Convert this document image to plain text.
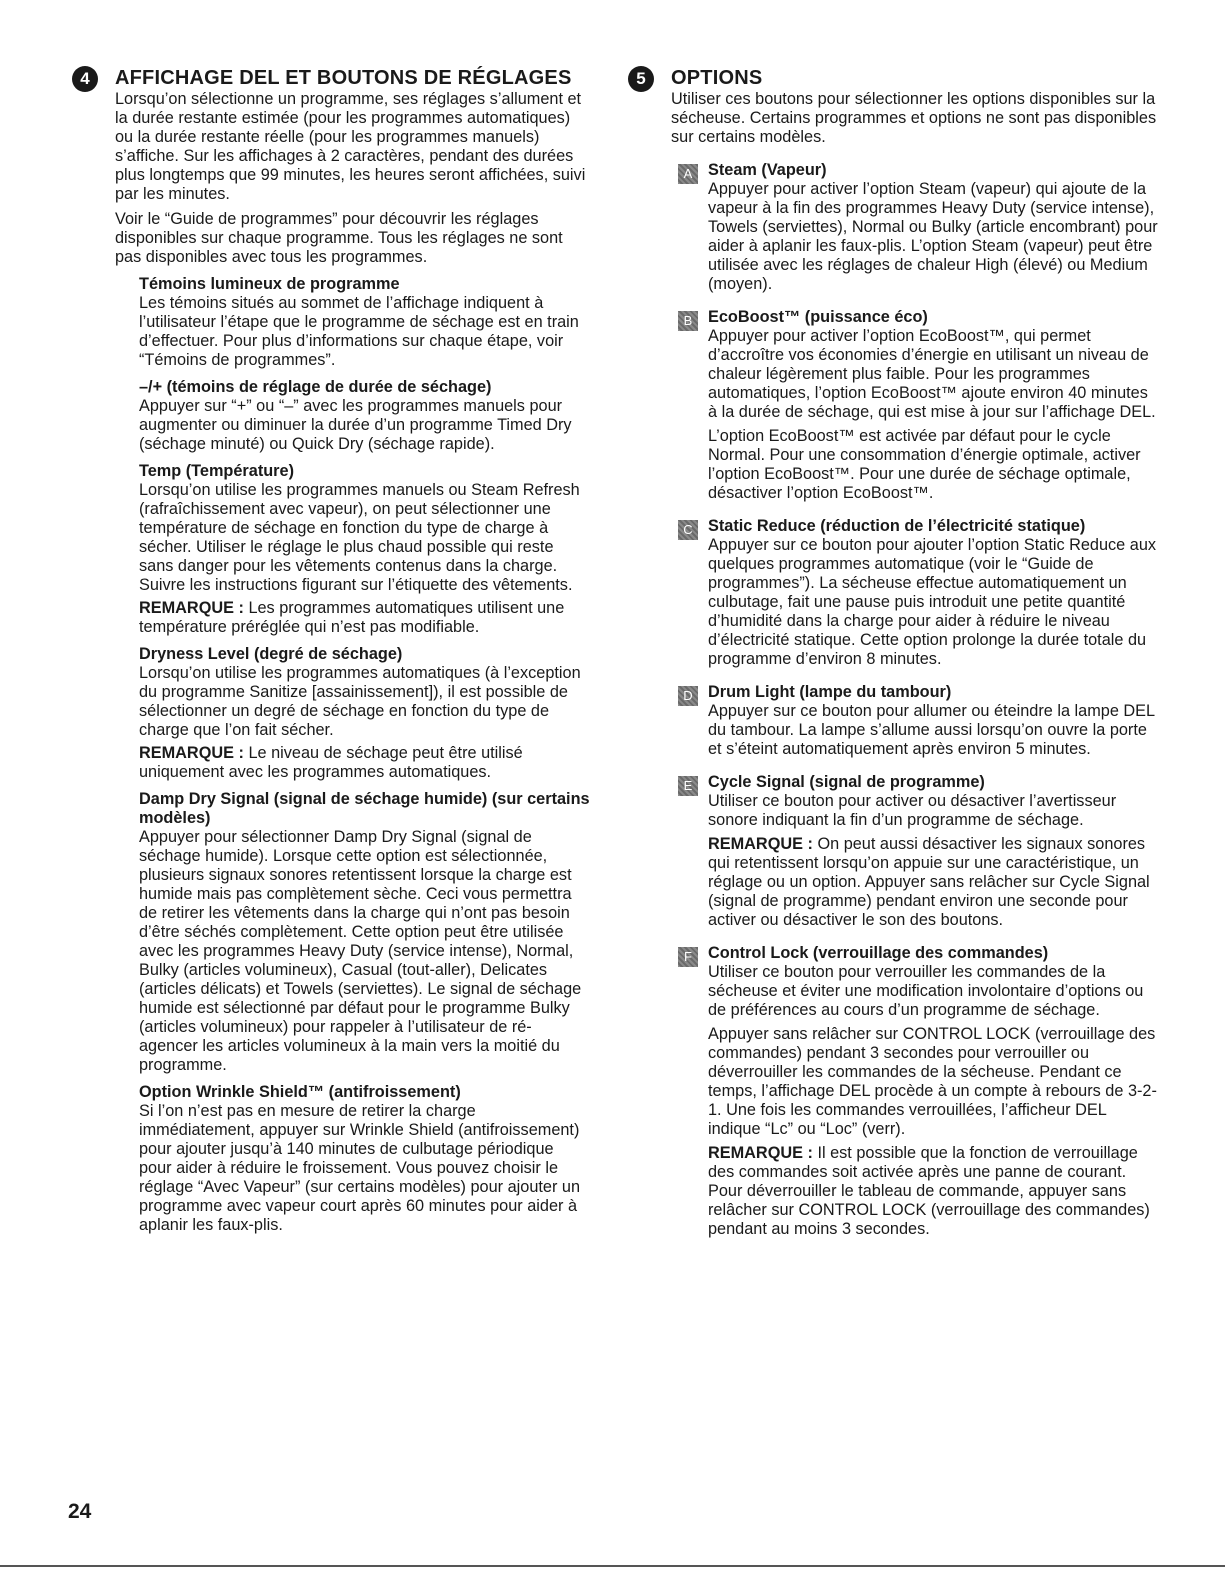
4	AFFICHAGE DEL ET BOUTONS DE RÉGLAGES
Lorsqu’on sélectionne un programme, ses réglages s’allument et la durée restante estimée (pour les programmes automatiques) ou la durée restante réelle (pour les programmes manuels) s’affiche. Sur les affichages à 2 caractères, pendant des durées plus longtemps que 99 minutes, les heures seront affichées, suivi par les minutes.
Voir le “Guide de programmes” pour découvrir les réglages disponibles sur chaque programme. Tous les réglages ne sont pas disponibles avec tous les programmes.
Témoins lumineux de programme
Les témoins situés au sommet de l’affichage indiquent à l’utilisateur l’étape que le programme de séchage est en train d’effectuer. Pour plus d’informations sur chaque étape, voir “Témoins de programmes”.
–/+ (témoins de réglage de durée de séchage)
Appuyer sur “+” ou “–” avec les programmes manuels pour augmenter ou diminuer la durée d’un programme Timed Dry (séchage minuté) ou Quick Dry (séchage rapide).
Temp (Température)
Lorsqu’on utilise les programmes manuels ou Steam Refresh (rafraîchissement avec vapeur), on peut sélectionner une température de séchage en fonction du type de charge à sécher. Utiliser le réglage le plus chaud possible qui reste sans danger pour les vêtements contenus dans la charge. Suivre les instructions figurant sur l’étiquette des vêtements.
REMARQUE : Les programmes automatiques utilisent une température préréglée qui n’est pas modifiable.
Dryness Level (degré de séchage)
Lorsqu’on utilise les programmes automatiques (à l’exception du programme Sanitize [assainissement]), il est possible de sélectionner un degré de séchage en fonction du type de charge que l’on fait sécher.
REMARQUE : Le niveau de séchage peut être utilisé uniquement avec les programmes automatiques.
Damp Dry Signal (signal de séchage humide) (sur certains modèles)
Appuyer pour sélectionner Damp Dry Signal (signal de séchage humide). Lorsque cette option est sélectionnée, plusieurs signaux sonores retentissent lorsque la charge est humide mais pas complètement sèche. Ceci vous permettra de retirer les vêtements dans la charge qui n’ont pas besoin d’être séchés complètement. Cette option peut être utilisée avec les programmes Heavy Duty (service intense), Normal, Bulky (articles volumineux), Casual (tout-aller), Delicates (articles délicats) et Towels (serviettes). Le signal de séchage humide est sélectionné par défaut pour le programme Bulky (articles volumineux) pour rappeler à l’utilisateur de ré-agencer les articles volumineux à la main vers la moitié du programme.
Option Wrinkle Shield™ (antifroissement)
Si l’on n’est pas en mesure de retirer la charge immédiatement, appuyer sur Wrinkle Shield (antifroissement) pour ajouter jusqu’à 140 minutes de culbutage périodique pour aider à réduire le froissement. Vous pouvez choisir le réglage “Avec Vapeur” (sur certains modèles) pour ajouter un programme avec vapeur court après 60 minutes pour aider à aplanir les faux-plis.
5	OPTIONS
Utiliser ces boutons pour sélectionner les options disponibles sur la sécheuse. Certains programmes et options ne sont pas disponibles sur certains modèles.
A Steam (Vapeur)
Appuyer pour activer l’option Steam (vapeur) qui ajoute de la vapeur à la fin des programmes Heavy Duty (service intense), Towels (serviettes), Normal ou Bulky (article encombrant) pour aider à aplanir les faux-plis. L’option Steam (vapeur) peut être utilisée avec les réglages de chaleur High (élevé) ou Medium (moyen).
B EcoBoost™ (puissance éco)
Appuyer pour activer l’option EcoBoost™, qui permet d’accroître vos économies d’énergie en utilisant un niveau de chaleur légèrement plus faible. Pour les programmes automatiques, l’option EcoBoost™ ajoute environ 40 minutes à la durée de séchage, qui est mise à jour sur l’affichage DEL.
L’option EcoBoost™ est activée par défaut pour le cycle Normal. Pour une consommation d’énergie optimale, activer l’option EcoBoost™. Pour une durée de séchage optimale, désactiver l’option EcoBoost™.
C Static Reduce (réduction de l’électricité statique)
Appuyer sur ce bouton pour ajouter l’option Static Reduce aux quelques programmes automatique (voir le “Guide de programmes”). La sécheuse effectue automatiquement un culbutage, fait une pause puis introduit une petite quantité d’humidité dans la charge pour aider à réduire le niveau d’électricité statique. Cette option prolonge la durée totale du programme d’environ 8 minutes.
D Drum Light (lampe du tambour)
Appuyer sur ce bouton pour allumer ou éteindre la lampe DEL du tambour. La lampe s’allume aussi lorsqu’on ouvre la porte et s’éteint automatiquement après environ 5 minutes.
E Cycle Signal (signal de programme)
Utiliser ce bouton pour activer ou désactiver l’avertisseur sonore indiquant la fin d’un programme de séchage.
REMARQUE : On peut aussi désactiver les signaux sonores qui retentissent lorsqu’on appuie sur une caractéristique, un réglage ou un option. Appuyer sans relâcher sur Cycle Signal (signal de programme) pendant environ une seconde pour activer ou désactiver le son des boutons.
F Control Lock (verrouillage des commandes)
Utiliser ce bouton pour verrouiller les commandes de la sécheuse et éviter une modification involontaire d’options ou de préférences au cours d’un programme de séchage.
Appuyer sans relâcher sur CONTROL LOCK (verrouillage des commandes) pendant 3 secondes pour verrouiller ou déverrouiller les commandes de la sécheuse. Pendant ce temps, l’affichage DEL procède à un compte à rebours de 3-2-1. Une fois les commandes verrouillées, l’afficheur DEL indique “Lc” ou “Loc” (verr).
REMARQUE : Il est possible que la fonction de verrouillage des commandes soit activée après une panne de courant. Pour déverrouiller le tableau de commande, appuyer sans relâcher sur CONTROL LOCK (verrouillage des commandes) pendant au moins 3 secondes.
24
